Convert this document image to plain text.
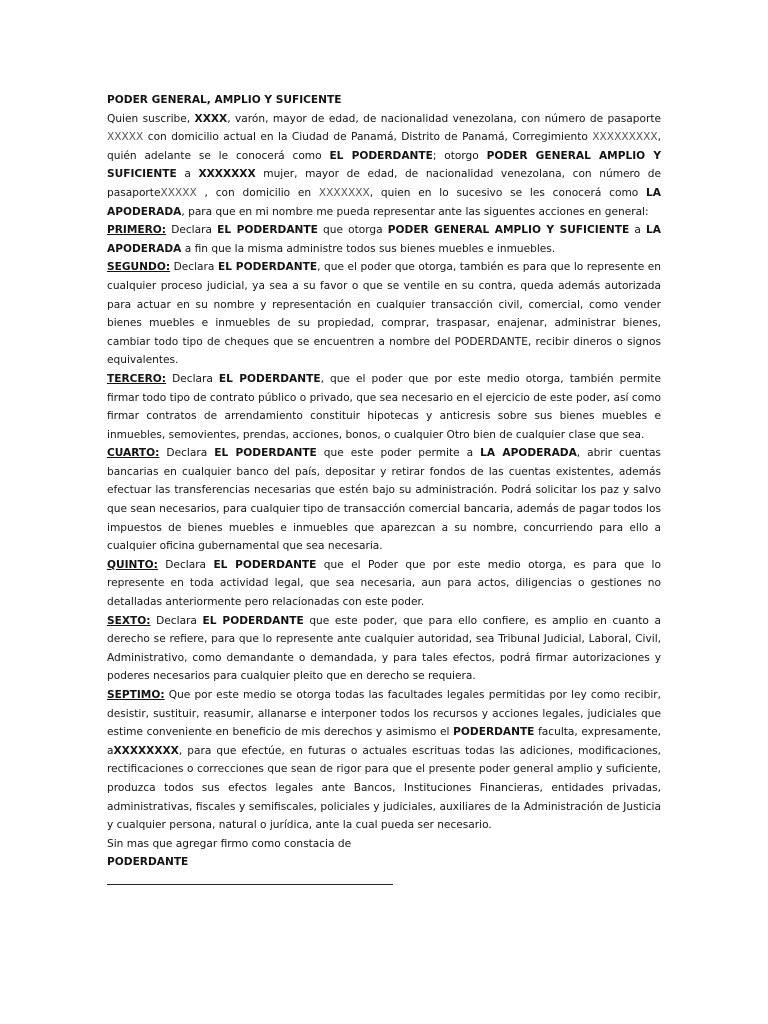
PODER GENERAL, AMPLIO Y SUFICENTE

Quien suscribe, XXXX, varón, mayor de edad, de nacionalidad venezolana, con número de pasaporte XXXXX con domicilio actual en la Ciudad de Panamá, Distrito de Panamá, Corregimiento XXXXXXXXX, quién adelante se le conocerá como EL PODERDANTE; otorgo PODER GENERAL AMPLIO Y SUFICIENTE a XXXXXXX mujer, mayor de edad, de nacionalidad venezolana, con número de pasaporteXXXXX , con domicilio en XXXXXXX, quien en lo sucesivo se les conocerá como LA APODERADA, para que en mi nombre me pueda representar ante las siguentes acciones en general:

PRIMERO: Declara EL PODERDANTE que otorga PODER GENERAL AMPLIO Y SUFICIENTE a LA APODERADA a fin que la misma administre todos sus bienes muebles e inmuebles.

SEGUNDO: Declara EL PODERDANTE, que el poder que otorga, también es para que lo represente en cualquier proceso judicial, ya sea a su favor o que se ventile en su contra, queda además autorizada para actuar en su nombre y representación en cualquier transacción civil, comercial, como vender bienes muebles e inmuebles de su propiedad, comprar, traspasar, enajenar, administrar bienes, cambiar todo tipo de cheques que se encuentren a nombre del PODERDANTE, recibir dineros o signos equivalentes.

TERCERO: Declara EL PODERDANTE, que el poder que por este medio otorga, también permite firmar todo tipo de contrato público o privado, que sea necesario en el ejercicio de este poder, así como firmar contratos de arrendamiento constituir hipotecas y anticresis sobre sus bienes muebles e inmuebles, semovientes, prendas, acciones, bonos, o cualquier Otro bien de cualquier clase que sea.

CUARTO: Declara EL PODERDANTE que este poder permite a LA APODERADA, abrir cuentas bancarias en cualquier banco del país, depositar y retirar fondos de las cuentas existentes, además efectuar las transferencias necesarias que estén bajo su administración. Podrá solicitar los paz y salvo que sean necesarios, para cualquier tipo de transacción comercial bancaria, además de pagar todos los impuestos de bienes muebles e inmuebles que aparezcan a su nombre, concurriendo para ello a cualquier oficina gubernamental que sea necesaria.

QUINTO: Declara EL PODERDANTE que el Poder que por este medio otorga, es para que lo represente en toda actividad legal, que sea necesaria, aun para actos, diligencias o gestiones no detalladas anteriormente pero relacionadas con este poder.

SEXTO: Declara EL PODERDANTE que este poder, que para ello confiere, es amplio en cuanto a derecho se refiere, para que lo represente ante cualquier autoridad, sea Tribunal Judicial, Laboral, Civil, Administrativo, como demandante o demandada, y para tales efectos, podrá firmar autorizaciones y poderes necesarios para cualquier pleito que en derecho se requiera.

SEPTIMO: Que por este medio se otorga todas las facultades legales permitidas por ley como recibir, desistir, sustituir, reasumir, allanarse e interponer todos los recursos y acciones legales, judiciales que estime conveniente en beneficio de mis derechos y asimismo el PODERDANTE faculta, expresamente, aXXXXXXXX, para que efectúe, en futuras o actuales escrituas todas las adiciones, modificaciones, rectificaciones o correcciones que sean de rigor para que el presente poder general amplio y suficiente, produzca todos sus efectos legales ante Bancos, Instituciones Financieras, entidades privadas, administrativas, fiscales y semifiscales, policiales y judiciales, auxiliares de la Administración de Justicia y cualquier persona, natural o jurídica, ante la cual pueda ser necesario.

Sin mas que agregar firmo como constacia de
PODERDANTE
